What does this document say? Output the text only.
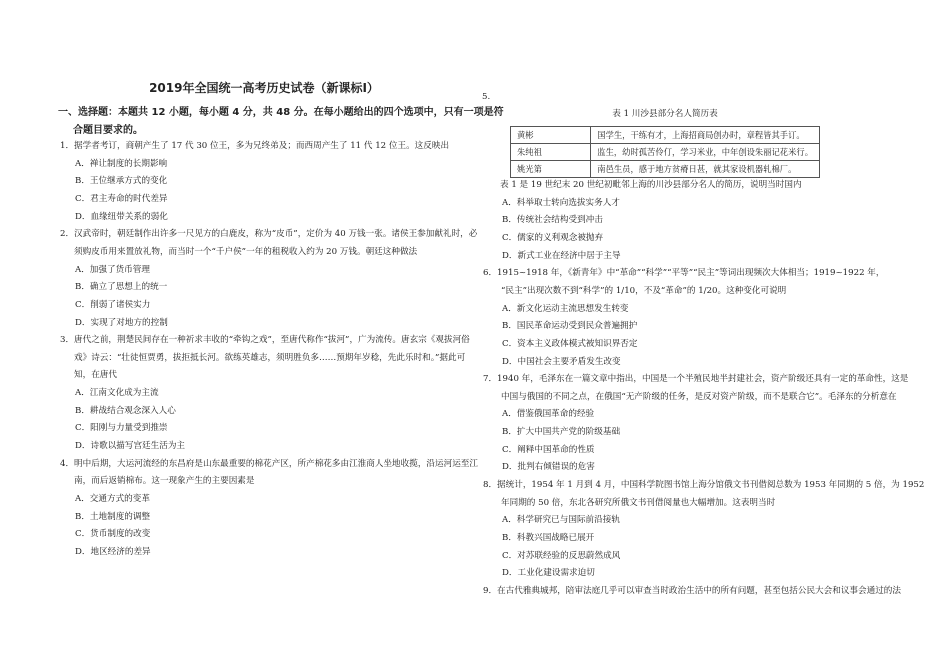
2019年全国统一高考历史试卷（新课标Ⅰ）
一、选择题：本题共 12 小题，每小题 4 分，共 48 分。在每小题给出的四个选项中，只有一项是符
合题目要求的。
5.
表 1 川沙县部分名人简历表
黄彬	国学生，干练有才，上海招商局创办时，章程皆其手订。
朱纯祖	监生，幼时孤苦伶仃，学习米业，中年创设朱丽记花米行。
姚光第	南邑生员，感于地方贫瘠日甚，就其家设机器轧棉厂。
1．据学者考订，商朝产生了 17 代 30 位王，多为兄终弟及；而西周产生了 11 代 12 位王。这反映出
A．禅让制度的长期影响
B．王位继承方式的变化
C．君主寿命的时代差异
D．血缘纽带关系的弱化
2．汉武帝时，朝廷制作出许多一尺见方的白鹿皮，称为“皮币”，定价为 40 万钱一张。诸侯王参加献礼时，必
须购皮币用来置放礼物，而当时一个“千户侯”一年的租税收入约为 20 万钱。朝廷这种做法
A．加强了货币管理
B．确立了思想上的统一
C．削弱了诸侯实力
D．实现了对地方的控制
3．唐代之前，荆楚民间存在一种祈求丰收的“牵钩之戏”，至唐代称作“拔河”，广为流传。唐玄宗《观拔河俗
戏》诗云：“壮徒恒贾勇，拔拒抵长河。欲练英雄志，须明胜负多……预期年岁稔，先此乐时和。”据此可
知，在唐代
A．江南文化成为主流
B．耕战结合观念深入人心
C．阳刚与力量受到推崇
D．诗歌以描写宫廷生活为主
4．明中后期，大运河流经的东昌府是山东最重要的棉花产区，所产棉花多由江淮商人坐地收揽，沿运河运至江
南，而后返销棉布。这一现象产生的主要因素是
A．交通方式的变革
B．土地制度的调整
C．货币制度的改变
D．地区经济的差异
表 1 是 19 世纪末 20 世纪初毗邻上海的川沙县部分名人的简历，说明当时国内
A．科举取士转向选拔实务人才
B．传统社会结构受到冲击
C．儒家的义利观念被抛弃
D．新式工业在经济中居于主导
6．1915~1918 年，《新青年》中“革命”“科学”“平等”“民主”等词出现频次大体相当；1919~1922 年，
“民主”出现次数不到“科学”的 1/10，不及“革命”的 1/20。这种变化可说明
A．新文化运动主流思想发生转变
B．国民革命运动受到民众普遍拥护
C．资本主义政体模式被知识界否定
D．中国社会主要矛盾发生改变
7．1940 年，毛泽东在一篇文章中指出，中国是一个半殖民地半封建社会，资产阶级还具有一定的革命性，这是
中国与俄国的不同之点，在俄国“无产阶级的任务，是反对资产阶级，而不是联合它”。毛泽东的分析意在
A．借鉴俄国革命的经验
B．扩大中国共产党的阶级基础
C．阐释中国革命的性质
D．批判右倾错误的危害
8．据统计，1954 年 1 月到 4 月，中国科学院图书馆上海分馆俄文书刊借阅总数为 1953 年同期的 5 倍，为 1952
年同期的 50 倍，东北各研究所俄文书刊借阅量也大幅增加。这表明当时
A．科学研究已与国际前沿接轨
B．科教兴国战略已展开
C．对苏联经验的反思蔚然成风
D．工业化建设需求迫切
9．在古代雅典城邦，陪审法庭几乎可以审查当时政治生活中的所有问题，甚至包括公民大会和议事会通过的法
